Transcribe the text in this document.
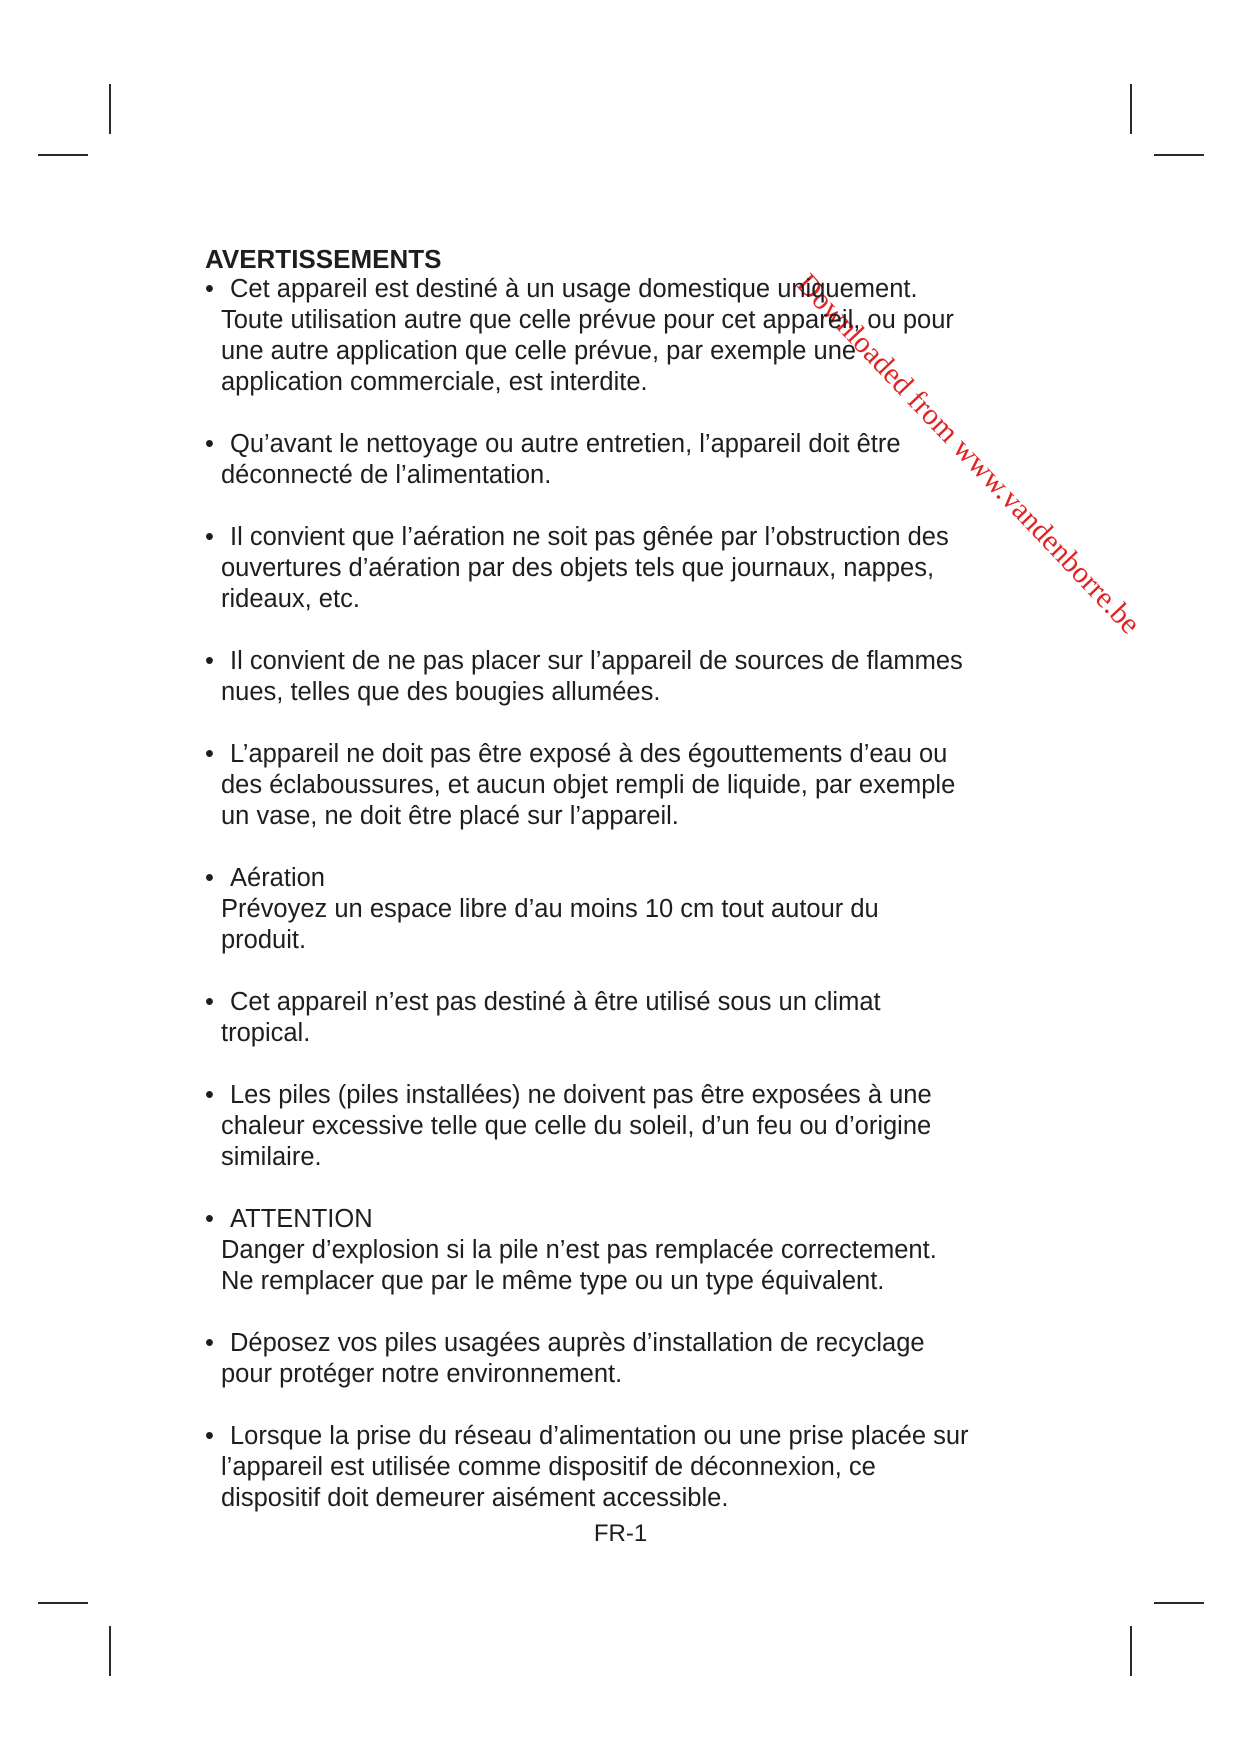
Downloaded from www.vandenborre.be
AVERTISSEMENTS
• Cet appareil est destiné à un usage domestique uniquement.
Toute utilisation autre que celle prévue pour cet appareil, ou pour
une autre application que celle prévue, par exemple une
application commerciale, est interdite.
• Qu’avant le nettoyage ou autre entretien, l’appareil doit être
déconnecté de l’alimentation.
• Il convient que l’aération ne soit pas gênée par l’obstruction des
ouvertures d’aération par des objets tels que journaux, nappes,
rideaux, etc.
• Il convient de ne pas placer sur l’appareil de sources de flammes
nues, telles que des bougies allumées.
• L’appareil ne doit pas être exposé à des égouttements d’eau ou
des éclaboussures, et aucun objet rempli de liquide, par exemple
un vase, ne doit être placé sur l’appareil.
• Aération
Prévoyez un espace libre d’au moins 10 cm tout autour du
produit.
• Cet appareil n’est pas destiné à être utilisé sous un climat
tropical.
• Les piles (piles installées) ne doivent pas être exposées à une
chaleur excessive telle que celle du soleil, d’un feu ou d’origine
similaire.
• ATTENTION
Danger d’explosion si la pile n’est pas remplacée correctement.
Ne remplacer que par le même type ou un type équivalent.
• Déposez vos piles usagées auprès d’installation de recyclage
pour protéger notre environnement.
• Lorsque la prise du réseau d’alimentation ou une prise placée sur
l’appareil est utilisée comme dispositif de déconnexion, ce
dispositif doit demeurer aisément accessible.
FR-1
